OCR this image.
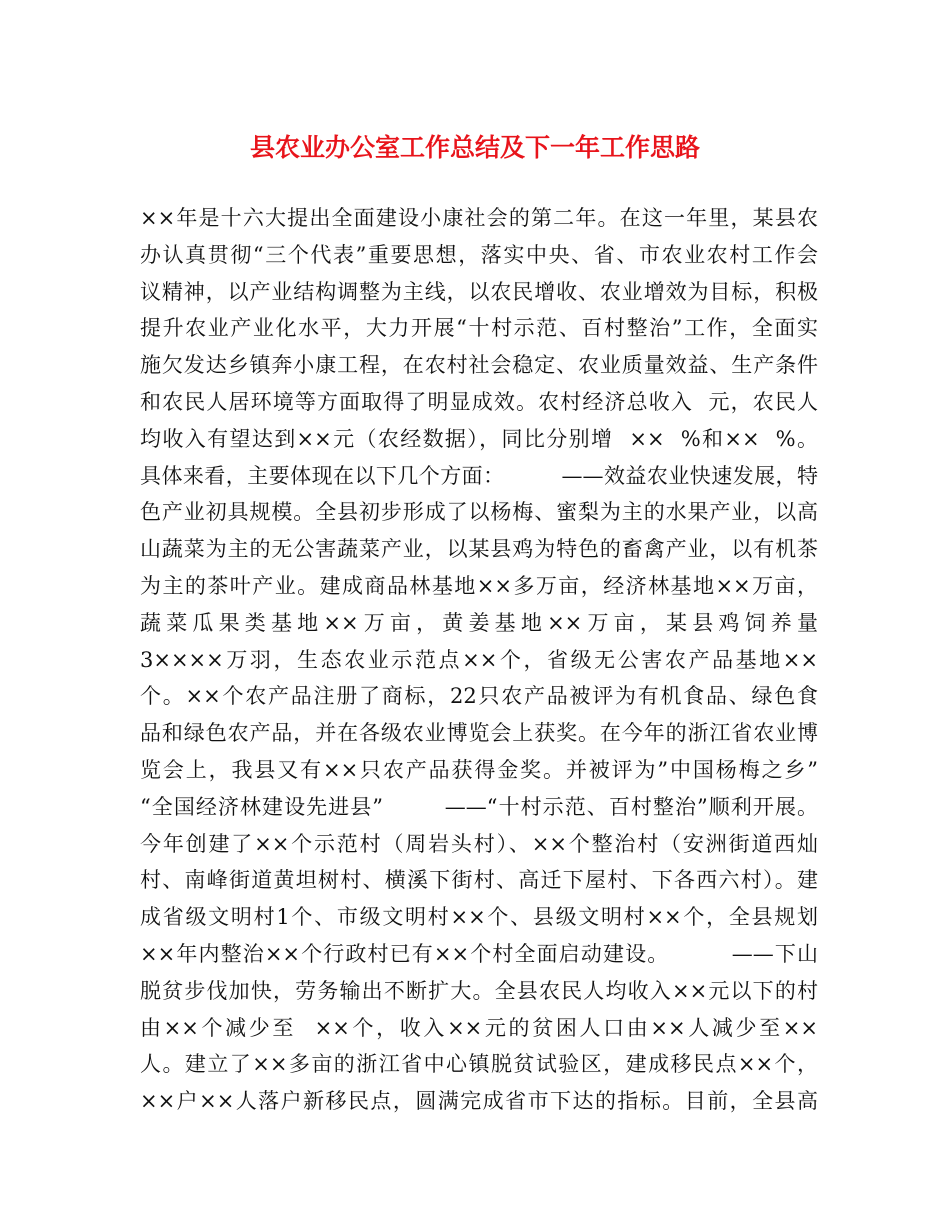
县农业办公室工作总结及下一年工作思路
××年是十六大提出全面建设小康社会的第二年。在这一年里，某县农
办认真贯彻“三个代表”重要思想，落实中央、省、市农业农村工作会
议精神，以产业结构调整为主线，以农民增收、农业增效为目标，积极
提升农业产业化水平，大力开展“十村示范、百村整治”工作，全面实
施欠发达乡镇奔小康工程，在农村社会稳定、农业质量效益、生产条件
和农民人居环境等方面取得了明显成效。农村经济总收入  元，农民人
均收入有望达到××元（农经数据），同比分别增  ××  %和××  %。
具体来看，主要体现在以下几个方面：        ——效益农业快速发展，特
色产业初具规模。全县初步形成了以杨梅、蜜梨为主的水果产业，以高
山蔬菜为主的无公害蔬菜产业，以某县鸡为特色的畜禽产业，以有机茶
为主的茶叶产业。建成商品林基地××多万亩，经济林基地××万亩，
蔬菜瓜果类基地××万亩，黄姜基地××万亩，某县鸡饲养量
3××××万羽，生态农业示范点××个，省级无公害农产品基地××
个。××个农产品注册了商标，22只农产品被评为有机食品、绿色食
品和绿色农产品，并在各级农业博览会上获奖。在今年的浙江省农业博
览会上，我县又有××只农产品获得金奖。并被评为”中国杨梅之乡”
“全国经济林建设先进县”        ——“十村示范、百村整治”顺利开展。
今年创建了××个示范村（周岩头村）、××个整治村（安洲街道西灿
村、南峰街道黄坦树村、横溪下街村、高迁下屋村、下各西六村）。建
成省级文明村1个、市级文明村××个、县级文明村××个，全县规划
××年内整治××个行政村已有××个村全面启动建设。        ——下山
脱贫步伐加快，劳务输出不断扩大。全县农民人均收入××元以下的村
由××个减少至  ××个，收入××元的贫困人口由××人减少至××
人。建立了××多亩的浙江省中心镇脱贫试验区，建成移民点××个，
××户××人落户新移民点，圆满完成省市下达的指标。目前，全县高
